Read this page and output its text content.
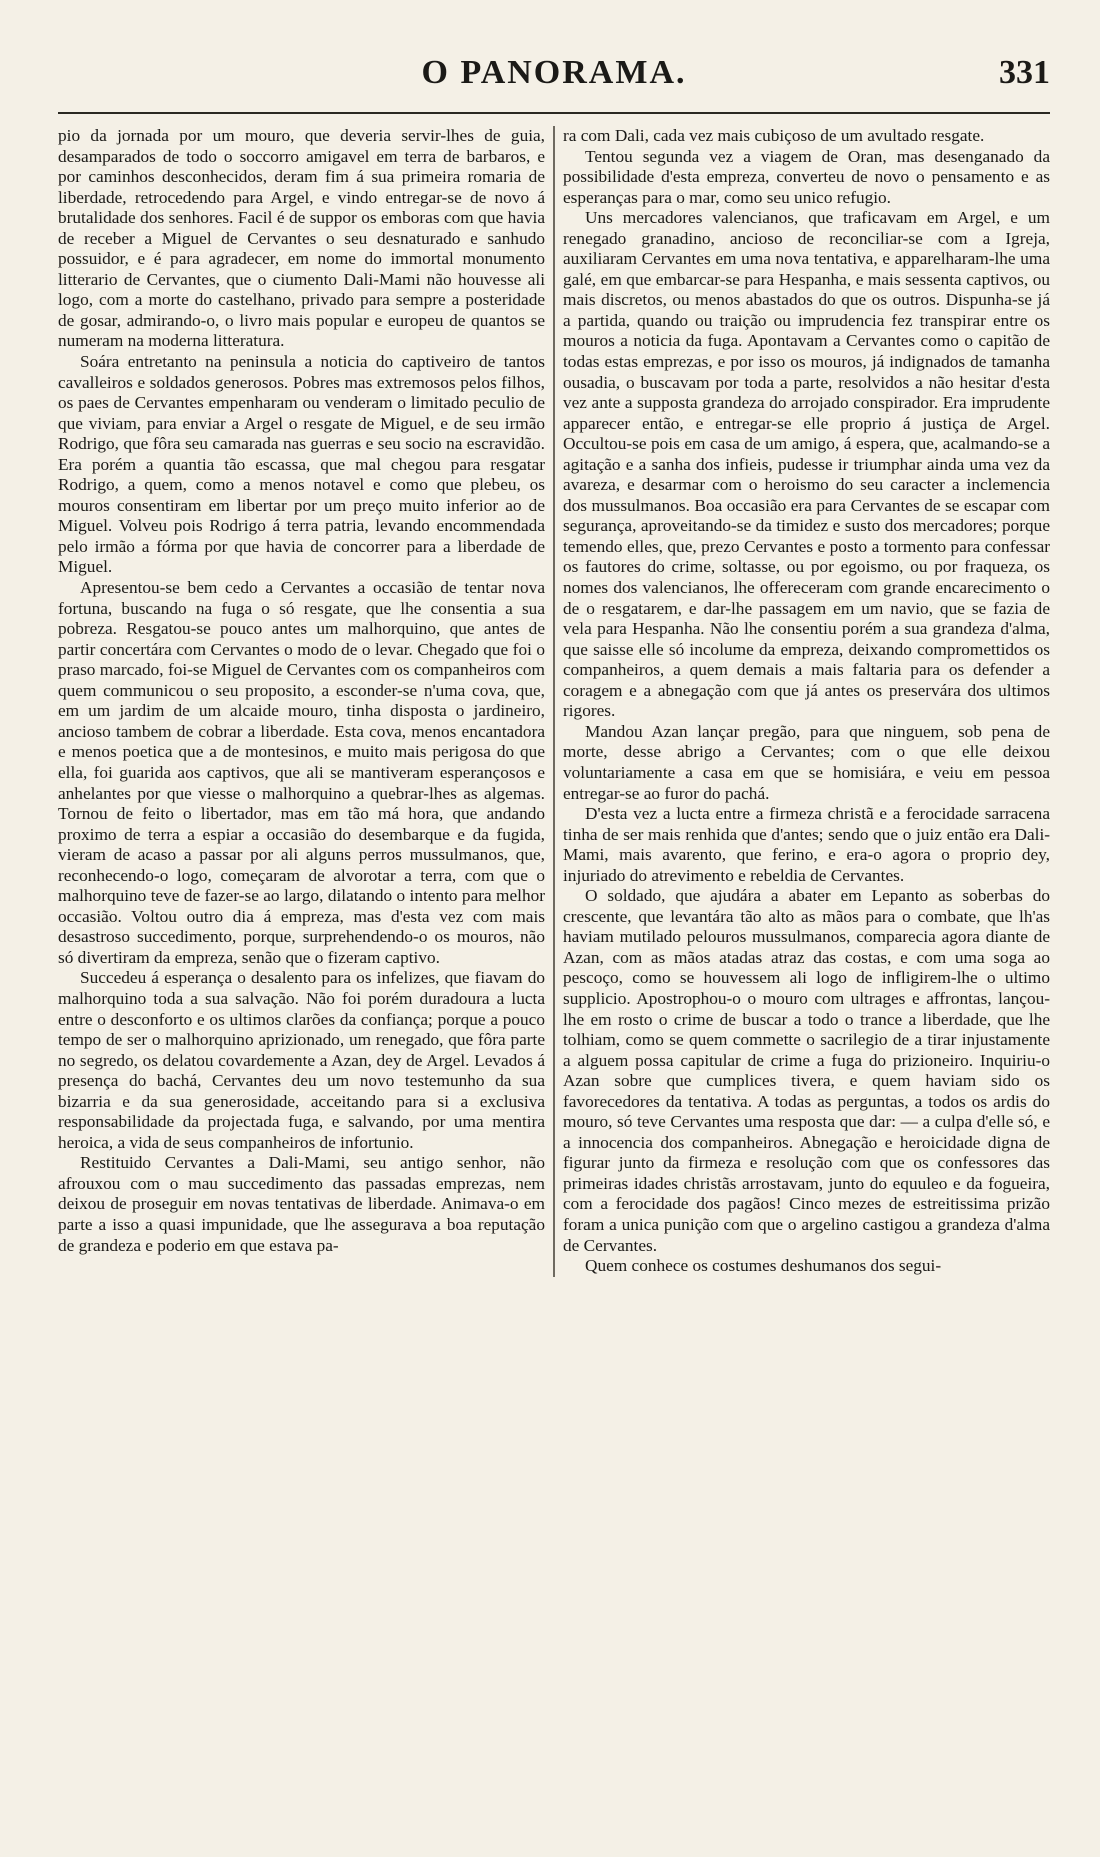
O PANORAMA.	331

pio da jornada por um mouro, que deveria servir-lhes de guia, desamparados de todo o soccorro amigavel em terra de barbaros, e por caminhos desconhecidos, deram fim á sua primeira romaria de liberdade, retrocedendo para Argel, e vindo entregar-se de novo á brutalidade dos senhores. Facil é de suppor os emboras com que havia de receber a Miguel de Cervantes o seu desnaturado e sanhudo possuidor, e é para agradecer, em nome do immortal monumento litterario de Cervantes, que o ciumento Dali-Mami não houvesse ali logo, com a morte do castelhano, privado para sempre a posteridade de gosar, admirando-o, o livro mais popular e europeu de quantos se numeram na moderna litteratura.

Soára entretanto na peninsula a noticia do captiveiro de tantos cavalleiros e soldados generosos. Pobres mas extremosos pelos filhos, os paes de Cervantes empenharam ou venderam o limitado peculio de que viviam, para enviar a Argel o resgate de Miguel, e de seu irmão Rodrigo, que fôra seu camarada nas guerras e seu socio na escravidão. Era porém a quantia tão escassa, que mal chegou para resgatar Rodrigo, a quem, como a menos notavel e como que plebeu, os mouros consentiram em libertar por um preço muito inferior ao de Miguel. Volveu pois Rodrigo á terra patria, levando encommendada pelo irmão a fórma por que havia de concorrer para a liberdade de Miguel.

Apresentou-se bem cedo a Cervantes a occasião de tentar nova fortuna, buscando na fuga o só resgate, que lhe consentia a sua pobreza. Resgatou-se pouco antes um malhorquino, que antes de partir concertára com Cervantes o modo de o levar. Chegado que foi o praso marcado, foi-se Miguel de Cervantes com os companheiros com quem communicou o seu proposito, a esconder-se n'uma cova, que, em um jardim de um alcaide mouro, tinha disposta o jardineiro, ancioso tambem de cobrar a liberdade. Esta cova, menos encantadora e menos poetica que a de montesinos, e muito mais perigosa do que ella, foi guarida aos captivos, que ali se mantiveram esperançosos e anhelantes por que viesse o malhorquino a quebrar-lhes as algemas. Tornou de feito o libertador, mas em tão má hora, que andando proximo de terra a espiar a occasião do desembarque e da fugida, vieram de acaso a passar por ali alguns perros mussulmanos, que, reconhecendo-o logo, começaram de alvorotar a terra, com que o malhorquino teve de fazer-se ao largo, dilatando o intento para melhor occasião. Voltou outro dia á empreza, mas d'esta vez com mais desastroso succedimento, porque, surprehendendo-o os mouros, não só divertiram da empreza, senão que o fizeram captivo.

Succedeu á esperança o desalento para os infelizes, que fiavam do malhorquino toda a sua salvação. Não foi porém duradoura a lucta entre o desconforto e os ultimos clarões da confiança; porque a pouco tempo de ser o malhorquino aprizionado, um renegado, que fôra parte no segredo, os delatou covardemente a Azan, dey de Argel. Levados á presença do bachá, Cervantes deu um novo testemunho da sua bizarria e da sua generosidade, acceitando para si a exclusiva responsabilidade da projectada fuga, e salvando, por uma mentira heroica, a vida de seus companheiros de infortunio.

Restituido Cervantes a Dali-Mami, seu antigo senhor, não afrouxou com o mau succedimento das passadas emprezas, nem deixou de proseguir em novas tentativas de liberdade. Animava-o em parte a isso a quasi impunidade, que lhe assegurava a boa reputação de grandeza e poderio em que estava pa-

ra com Dali, cada vez mais cubiçoso de um avultado resgate.

Tentou segunda vez a viagem de Oran, mas desenganado da possibilidade d'esta empreza, converteu de novo o pensamento e as esperanças para o mar, como seu unico refugio.

Uns mercadores valencianos, que traficavam em Argel, e um renegado granadino, ancioso de reconciliar-se com a Igreja, auxiliaram Cervantes em uma nova tentativa, e apparelharam-lhe uma galé, em que embarcar-se para Hespanha, e mais sessenta captivos, ou mais discretos, ou menos abastados do que os outros. Dispunha-se já a partida, quando ou traição ou imprudencia fez transpirar entre os mouros a noticia da fuga. Apontavam a Cervantes como o capitão de todas estas emprezas, e por isso os mouros, já indignados de tamanha ousadia, o buscavam por toda a parte, resolvidos a não hesitar d'esta vez ante a supposta grandeza do arrojado conspirador. Era imprudente apparecer então, e entregar-se elle proprio á justiça de Argel. Occultou-se pois em casa de um amigo, á espera, que, acalmando-se a agitação e a sanha dos infieis, pudesse ir triumphar ainda uma vez da avareza, e desarmar com o heroismo do seu caracter a inclemencia dos mussulmanos. Boa occasião era para Cervantes de se escapar com segurança, aproveitando-se da timidez e susto dos mercadores; porque temendo elles, que, prezo Cervantes e posto a tormento para confessar os fautores do crime, soltasse, ou por egoismo, ou por fraqueza, os nomes dos valencianos, lhe offereceram com grande encarecimento o de o resgatarem, e dar-lhe passagem em um navio, que se fazia de vela para Hespanha. Não lhe consentiu porém a sua grandeza d'alma, que saisse elle só incolume da empreza, deixando compromettidos os companheiros, a quem demais a mais faltaria para os defender a coragem e a abnegação com que já antes os preservára dos ultimos rigores.

Mandou Azan lançar pregão, para que ninguem, sob pena de morte, desse abrigo a Cervantes; com o que elle deixou voluntariamente a casa em que se homisiára, e veiu em pessoa entregar-se ao furor do pachá.

D'esta vez a lucta entre a firmeza christã e a ferocidade sarracena tinha de ser mais renhida que d'antes; sendo que o juiz então era Dali-Mami, mais avarento, que ferino, e era-o agora o proprio dey, injuriado do atrevimento e rebeldia de Cervantes.

O soldado, que ajudára a abater em Lepanto as soberbas do crescente, que levantára tão alto as mãos para o combate, que lh'as haviam mutilado pelouros mussulmanos, comparecia agora diante de Azan, com as mãos atadas atraz das costas, e com uma soga ao pescoço, como se houvessem ali logo de infligirem-lhe o ultimo supplicio. Apostrophou-o o mouro com ultrages e affrontas, lançou-lhe em rosto o crime de buscar a todo o trance a liberdade, que lhe tolhiam, como se quem commette o sacrilegio de a tirar injustamente a alguem possa capitular de crime a fuga do prizioneiro. Inquiriu-o Azan sobre que cumplices tivera, e quem haviam sido os favorecedores da tentativa. A todas as perguntas, a todos os ardis do mouro, só teve Cervantes uma resposta que dar: — a culpa d'elle só, e a innocencia dos companheiros. Abnegação e heroicidade digna de figurar junto da firmeza e resolução com que os confessores das primeiras idades christãs arrostavam, junto do equuleo e da fogueira, com a ferocidade dos pagãos! Cinco mezes de estreitissima prizão foram a unica punição com que o argelino castigou a grandeza d'alma de Cervantes.

Quem conhece os costumes deshumanos dos segui-
